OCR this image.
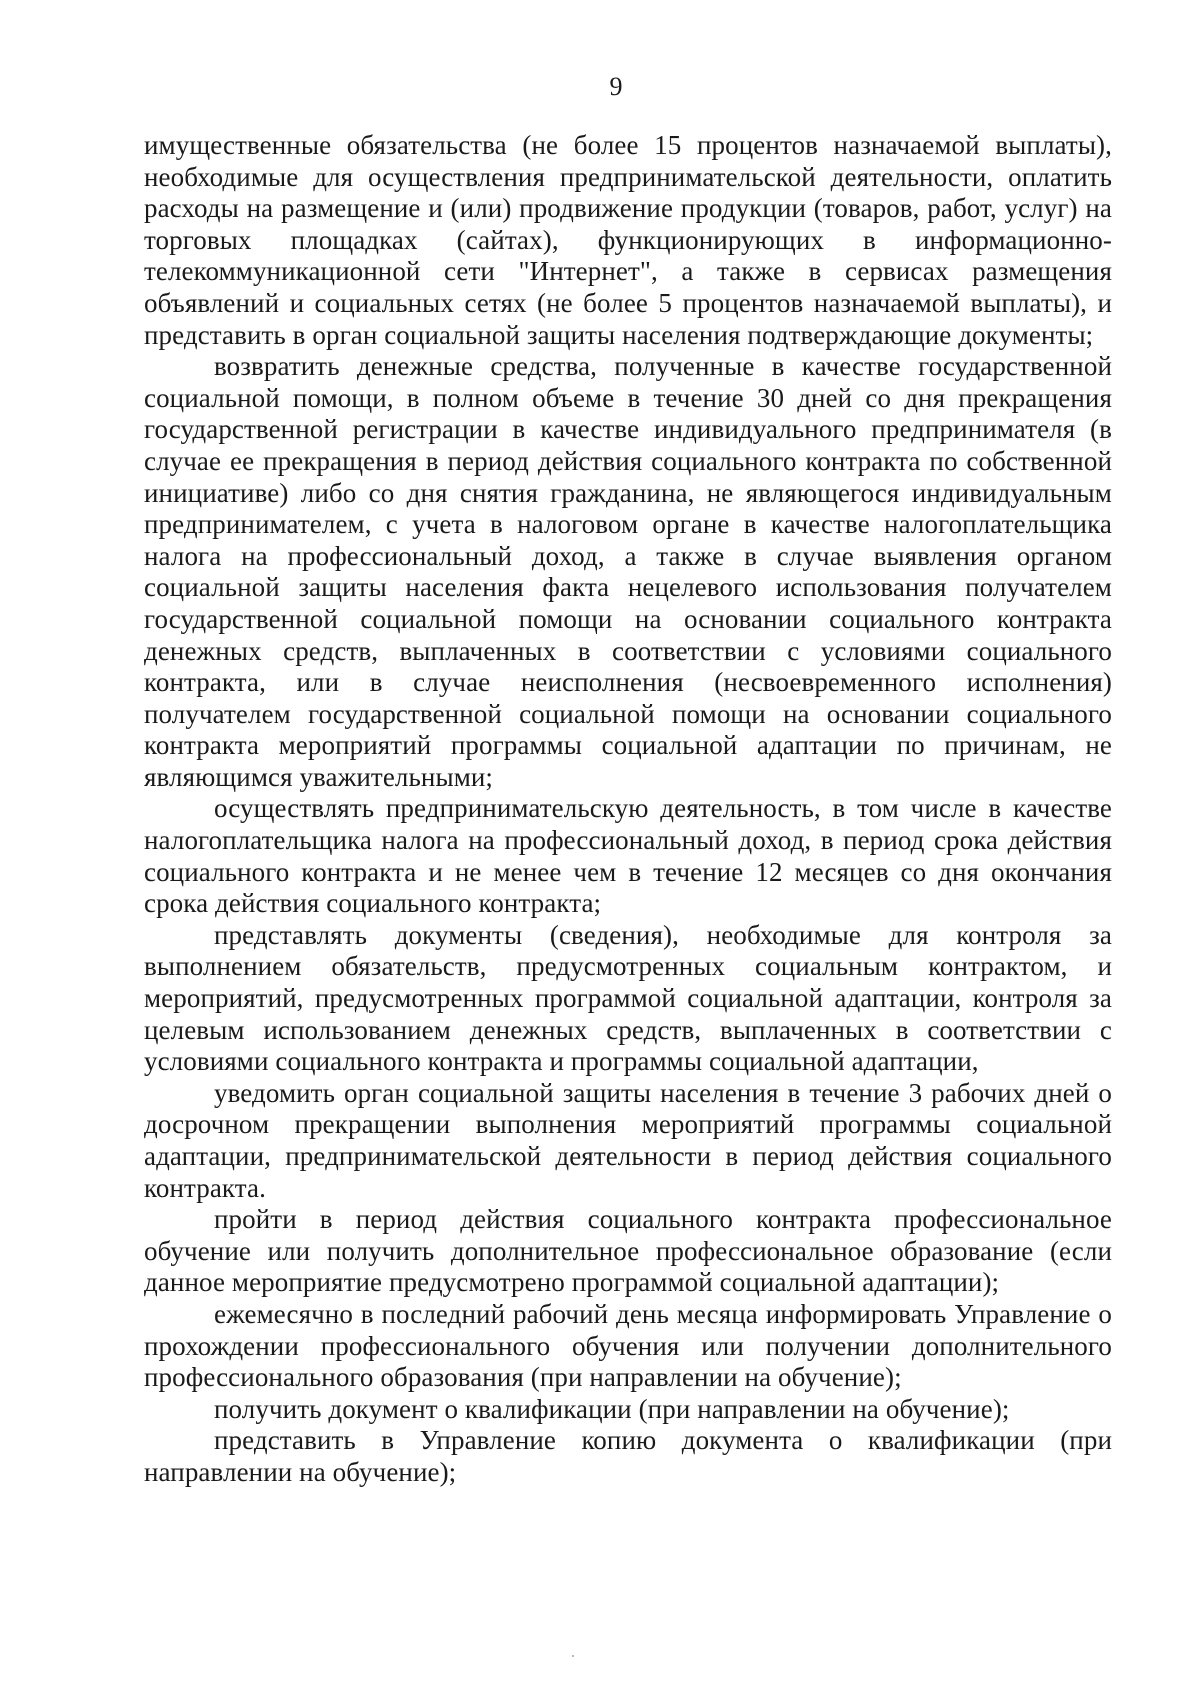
9

имущественные обязательства (не более 15 процентов назначаемой выплаты), необходимые для осуществления предпринимательской деятельности, оплатить расходы на размещение и (или) продвижение продукции (товаров, работ, услуг) на торговых площадках (сайтах), функционирующих в информационно-телекоммуникационной сети "Интернет", а также в сервисах размещения объявлений и социальных сетях (не более 5 процентов назначаемой выплаты), и представить в орган социальной защиты населения подтверждающие документы;

возвратить денежные средства, полученные в качестве государственной социальной помощи, в полном объеме в течение 30 дней со дня прекращения государственной регистрации в качестве индивидуального предпринимателя (в случае ее прекращения в период действия социального контракта по собственной инициативе) либо со дня снятия гражданина, не являющегося индивидуальным предпринимателем, с учета в налоговом органе в качестве налогоплательщика налога на профессиональный доход, а также в случае выявления органом социальной защиты населения факта нецелевого использования получателем государственной социальной помощи на основании социального контракта денежных средств, выплаченных в соответствии с условиями социального контракта, или в случае неисполнения (несвоевременного исполнения) получателем государственной социальной помощи на основании социального контракта мероприятий программы социальной адаптации по причинам, не являющимся уважительными;

осуществлять предпринимательскую деятельность, в том числе в качестве налогоплательщика налога на профессиональный доход, в период срока действия социального контракта и не менее чем в течение 12 месяцев со дня окончания срока действия социального контракта;

представлять документы (сведения), необходимые для контроля за выполнением обязательств, предусмотренных социальным контрактом, и мероприятий, предусмотренных программой социальной адаптации, контроля за целевым использованием денежных средств, выплаченных в соответствии с условиями социального контракта и программы социальной адаптации,

уведомить орган социальной защиты населения в течение 3 рабочих дней о досрочном прекращении выполнения мероприятий программы социальной адаптации, предпринимательской деятельности в период действия социального контракта.

пройти в период действия социального контракта профессиональное обучение или получить дополнительное профессиональное образование (если данное мероприятие предусмотрено программой социальной адаптации);

ежемесячно в последний рабочий день месяца информировать Управление о прохождении профессионального обучения или получении дополнительного профессионального образования (при направлении на обучение);

получить документ о квалификации (при направлении на обучение);

представить в Управление копию документа о квалификации (при направлении на обучение);
